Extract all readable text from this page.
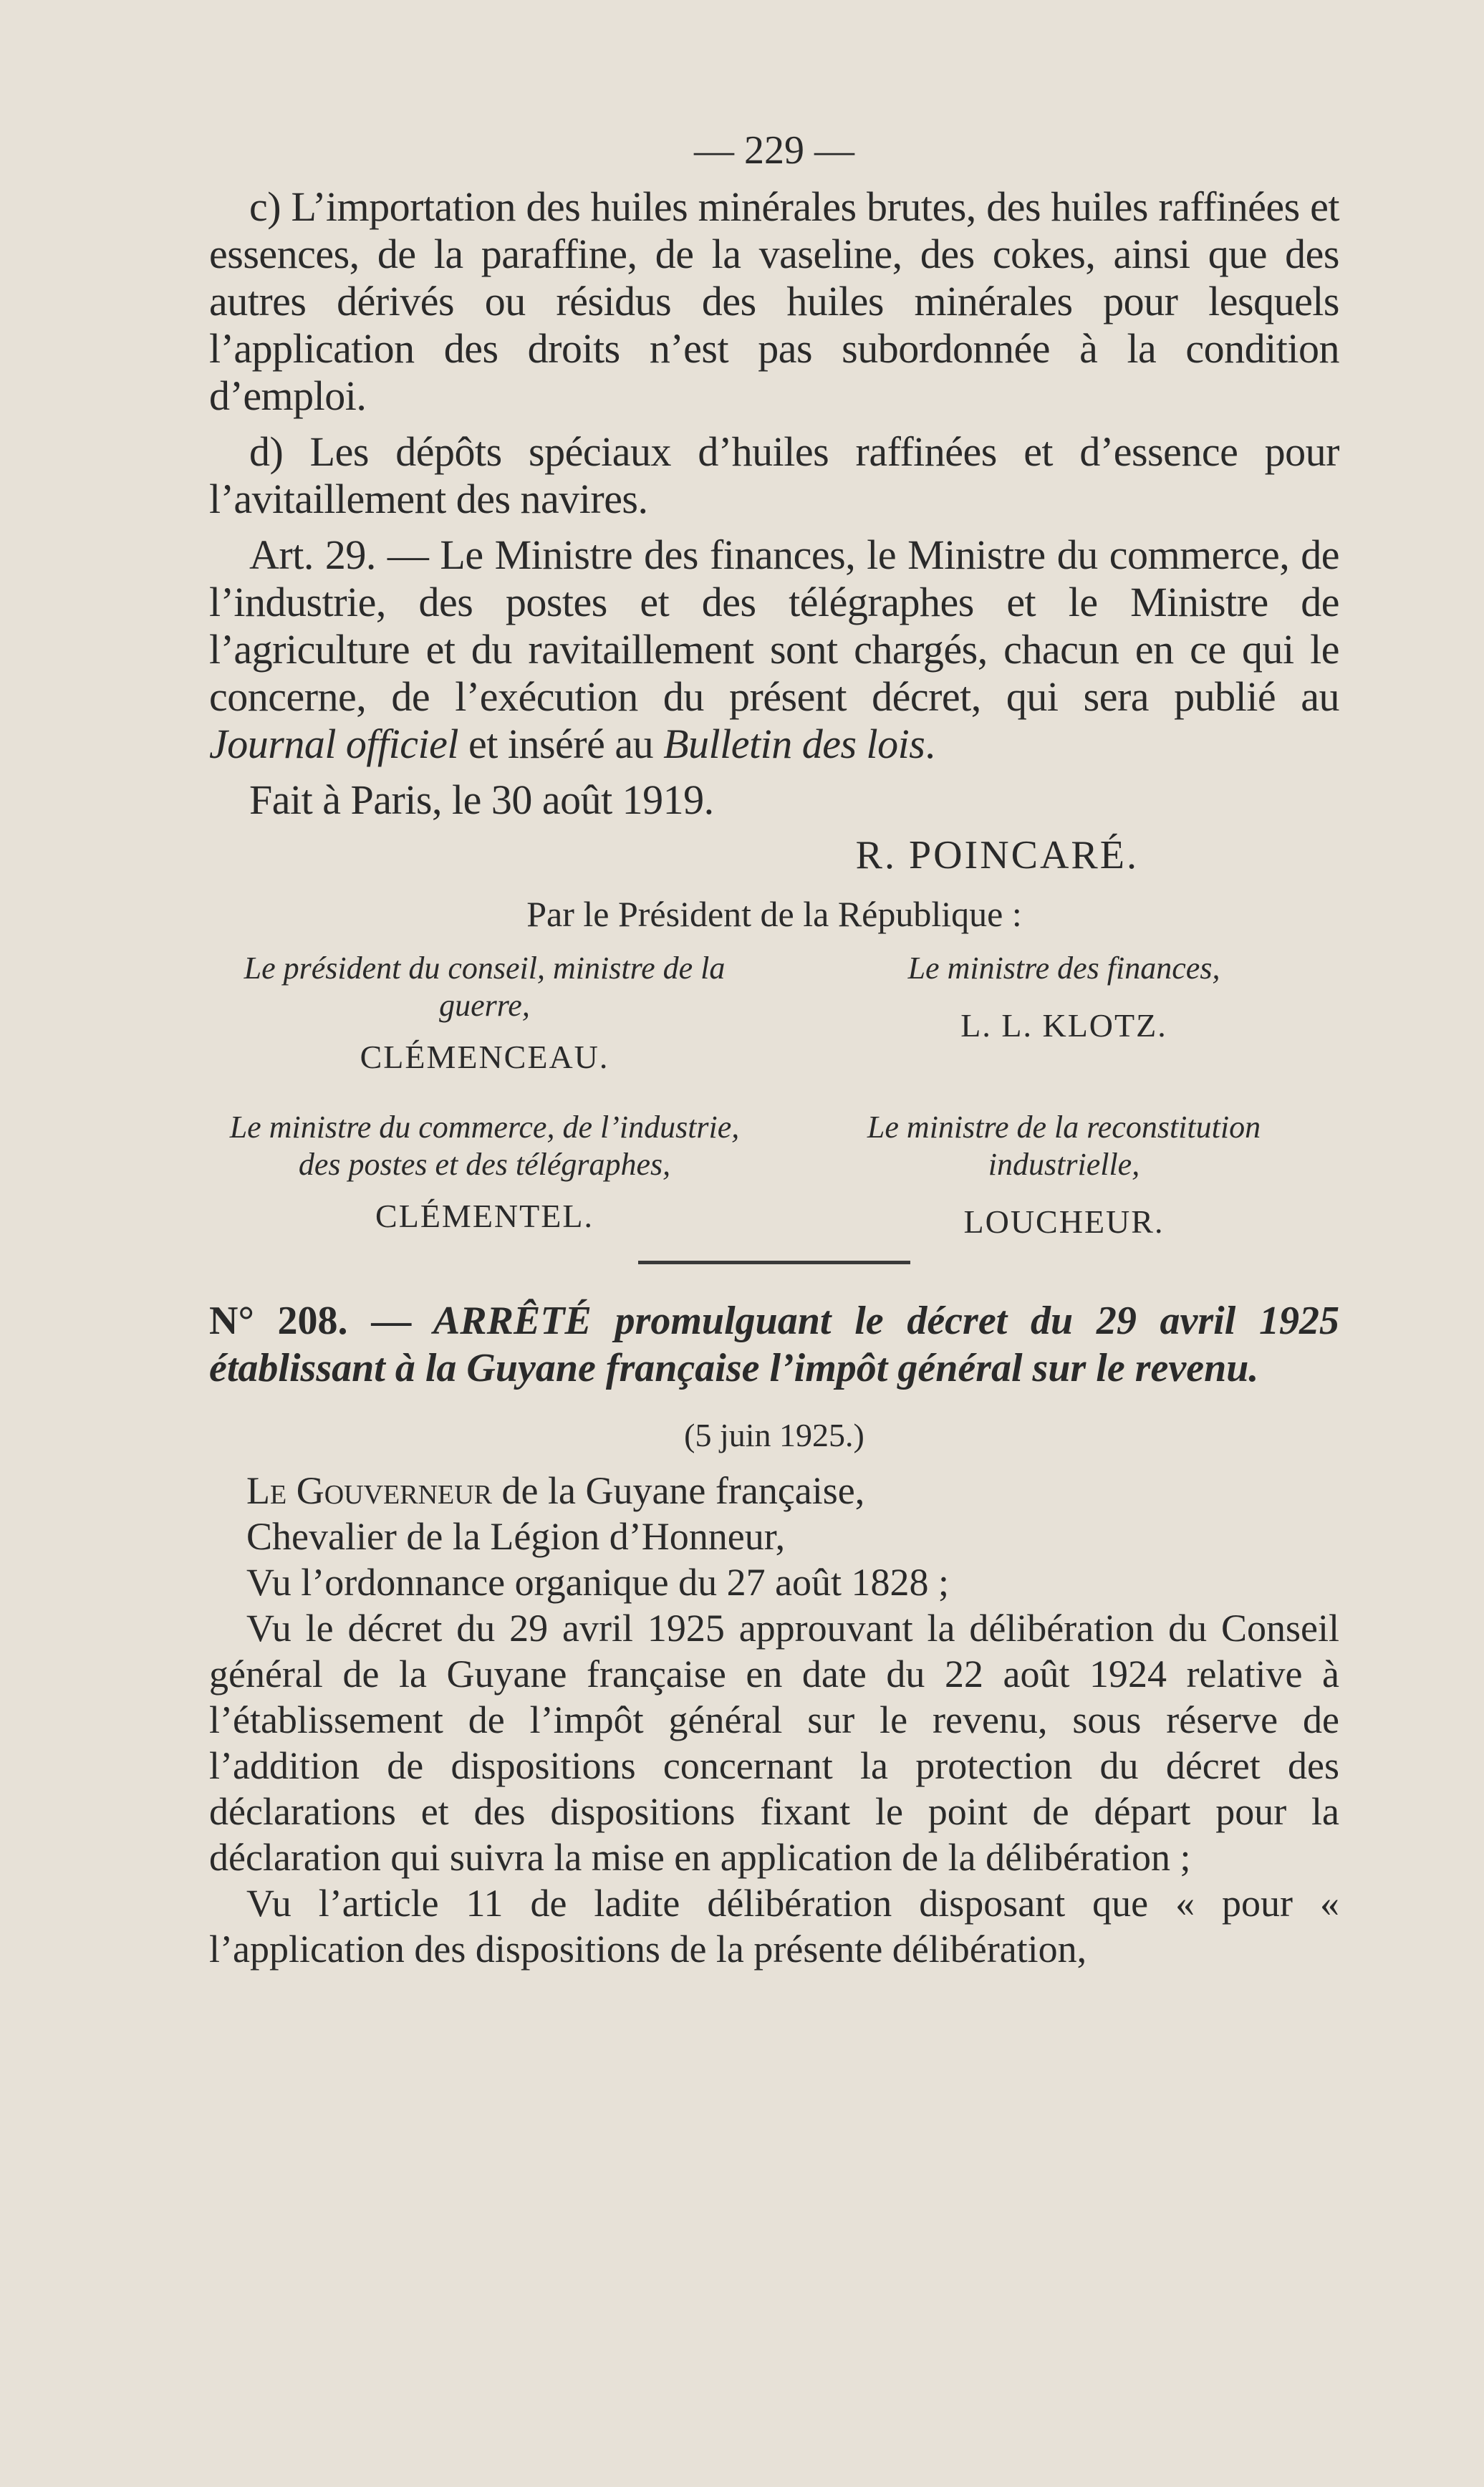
— 229 —

c) L’importation des huiles minérales brutes, des huiles raffinées et essences, de la paraffine, de la vaseline, des cokes, ainsi que des autres dérivés ou résidus des huiles minérales pour lesquels l’application des droits n’est pas subordonnée à la condition d’emploi.

d) Les dépôts spéciaux d’huiles raffinées et d’essence pour l’avitaillement des navires.

Art. 29. — Le Ministre des finances, le Ministre du commerce, de l’industrie, des postes et des télégraphes et le Ministre de l’agriculture et du ravitaillement sont chargés, chacun en ce qui le concerne, de l’exécution du présent décret, qui sera publié au Journal officiel et inséré au Bulletin des lois.

Fait à Paris, le 30 août 1919.

R. POINCARÉ.
Par le Président de la République :
Le président du conseil, ministre de la guerre,
CLÉMENCEAU.
Le ministre des finances,
L. L. KLOTZ.
Le ministre du commerce, de l’industrie, des postes et des télégraphes,
CLÉMENTEL.
Le ministre de la reconstitution industrielle,
LOUCHEUR.

N° 208. — ARRÊTÉ promulguant le décret du 29 avril 1925 établissant à la Guyane française l’impôt général sur le revenu.

(5 juin 1925.)

Le Gouverneur de la Guyane française,

Chevalier de la Légion d’Honneur,

Vu l’ordonnance organique du 27 août 1828 ;

Vu le décret du 29 avril 1925 approuvant la délibération du Conseil général de la Guyane française en date du 22 août 1924 relative à l’établissement de l’impôt général sur le revenu, sous réserve de l’addition de dispositions concernant la protection du décret des déclarations et des dispositions fixant le point de départ pour la déclaration qui suivra la mise en application de la délibération ;

Vu l’article 11 de ladite délibération disposant que « pour « l’application des dispositions de la présente délibération,
